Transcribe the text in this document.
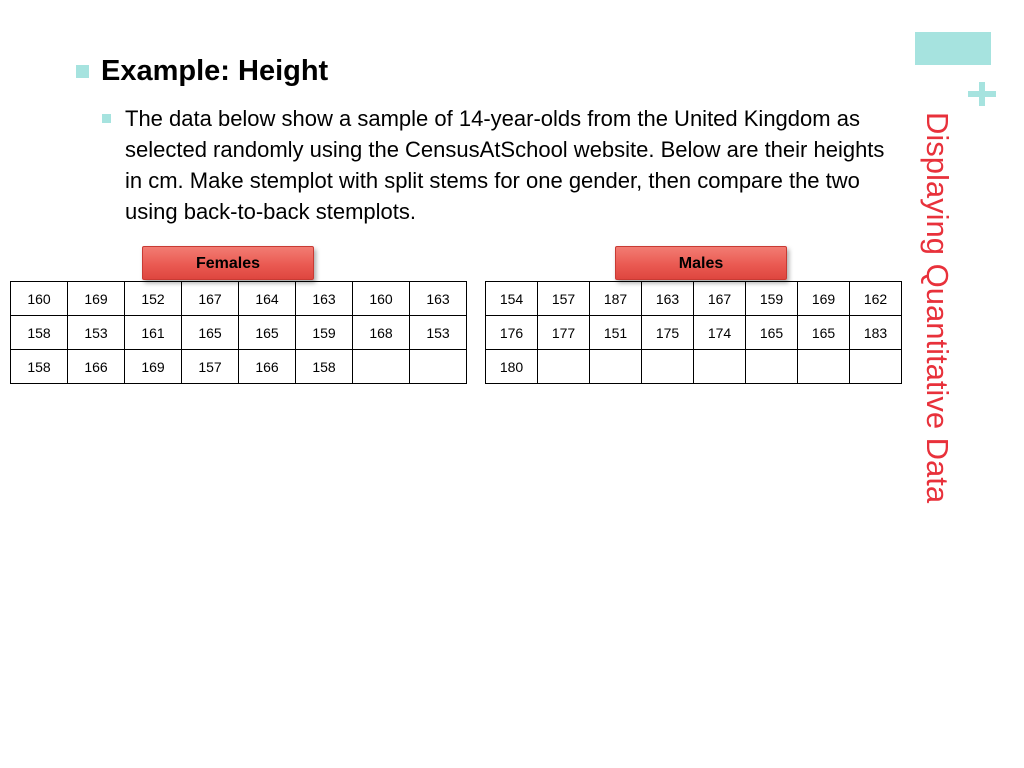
Displaying Quantitative Data
Example: Height
The data below show a sample of 14-year-olds from the United Kingdom as selected randomly using the CensusAtSchool website. Below are their heights in cm. Make stemplot with split stems for one gender, then compare the two using back-to-back stemplots.
Females	Males
160	169	152	167	164	163	160	163
158	153	161	165	165	159	168	153
158	166	169	157	166	158		
154	157	187	163	167	159	169	162
176	177	151	175	174	165	165	183
180							
